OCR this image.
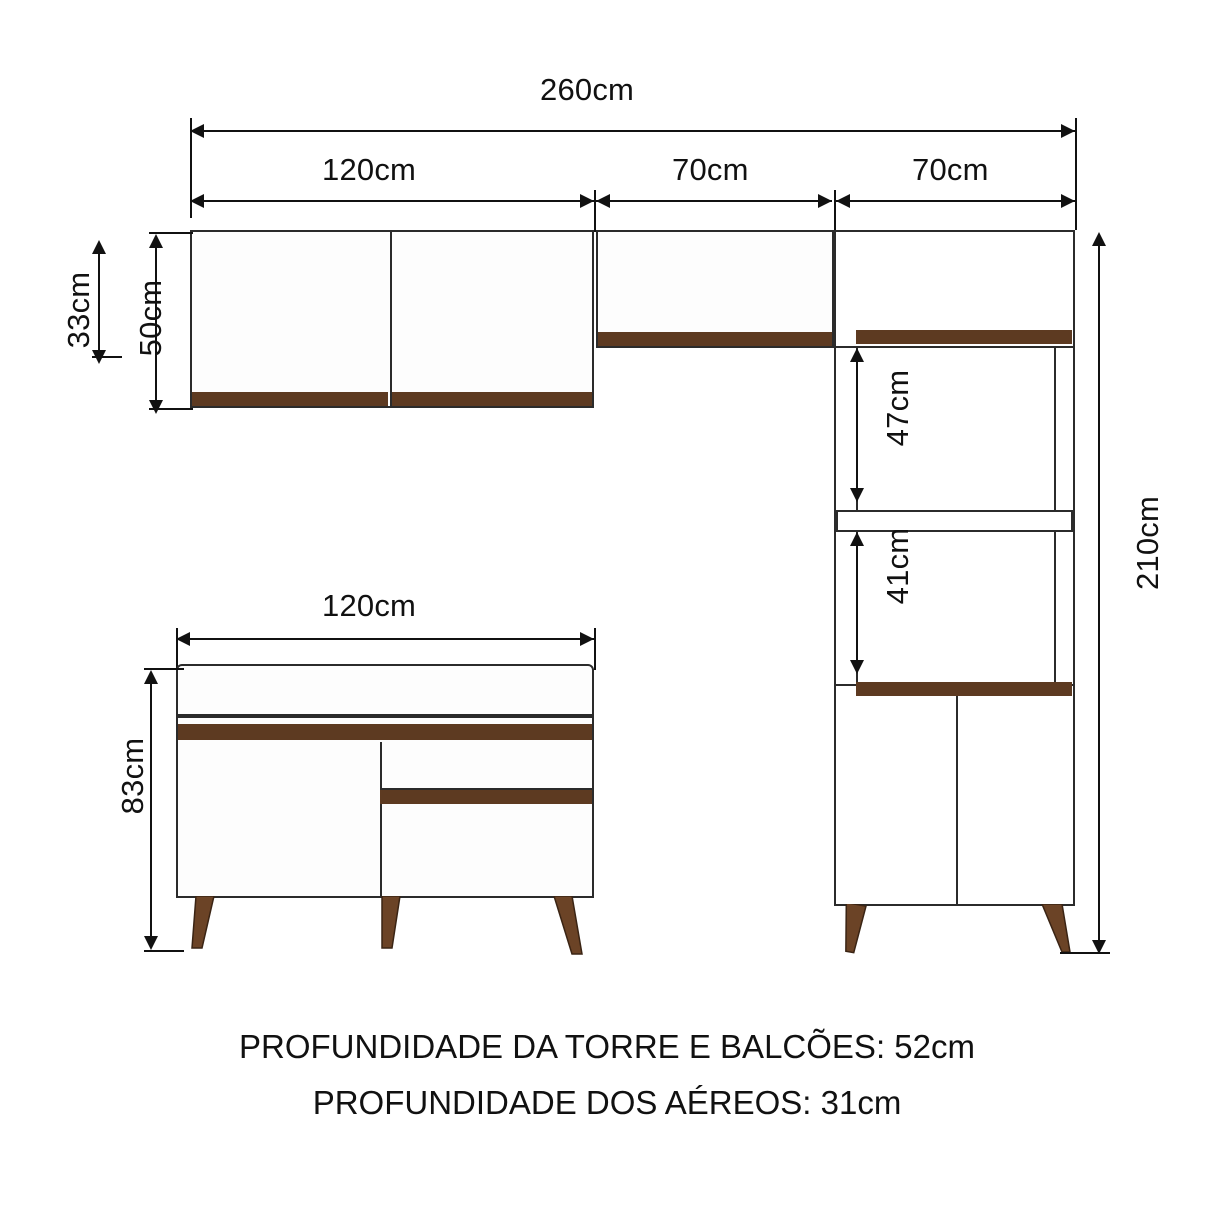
260cm
120cm	70cm	70cm
33cm 50cm
47cm
41cm	210cm
120cm
83cm
PROFUNDIDADE DA TORRE E BALCÕES: 52cm
PROFUNDIDADE DOS AÉREOS: 31cm
